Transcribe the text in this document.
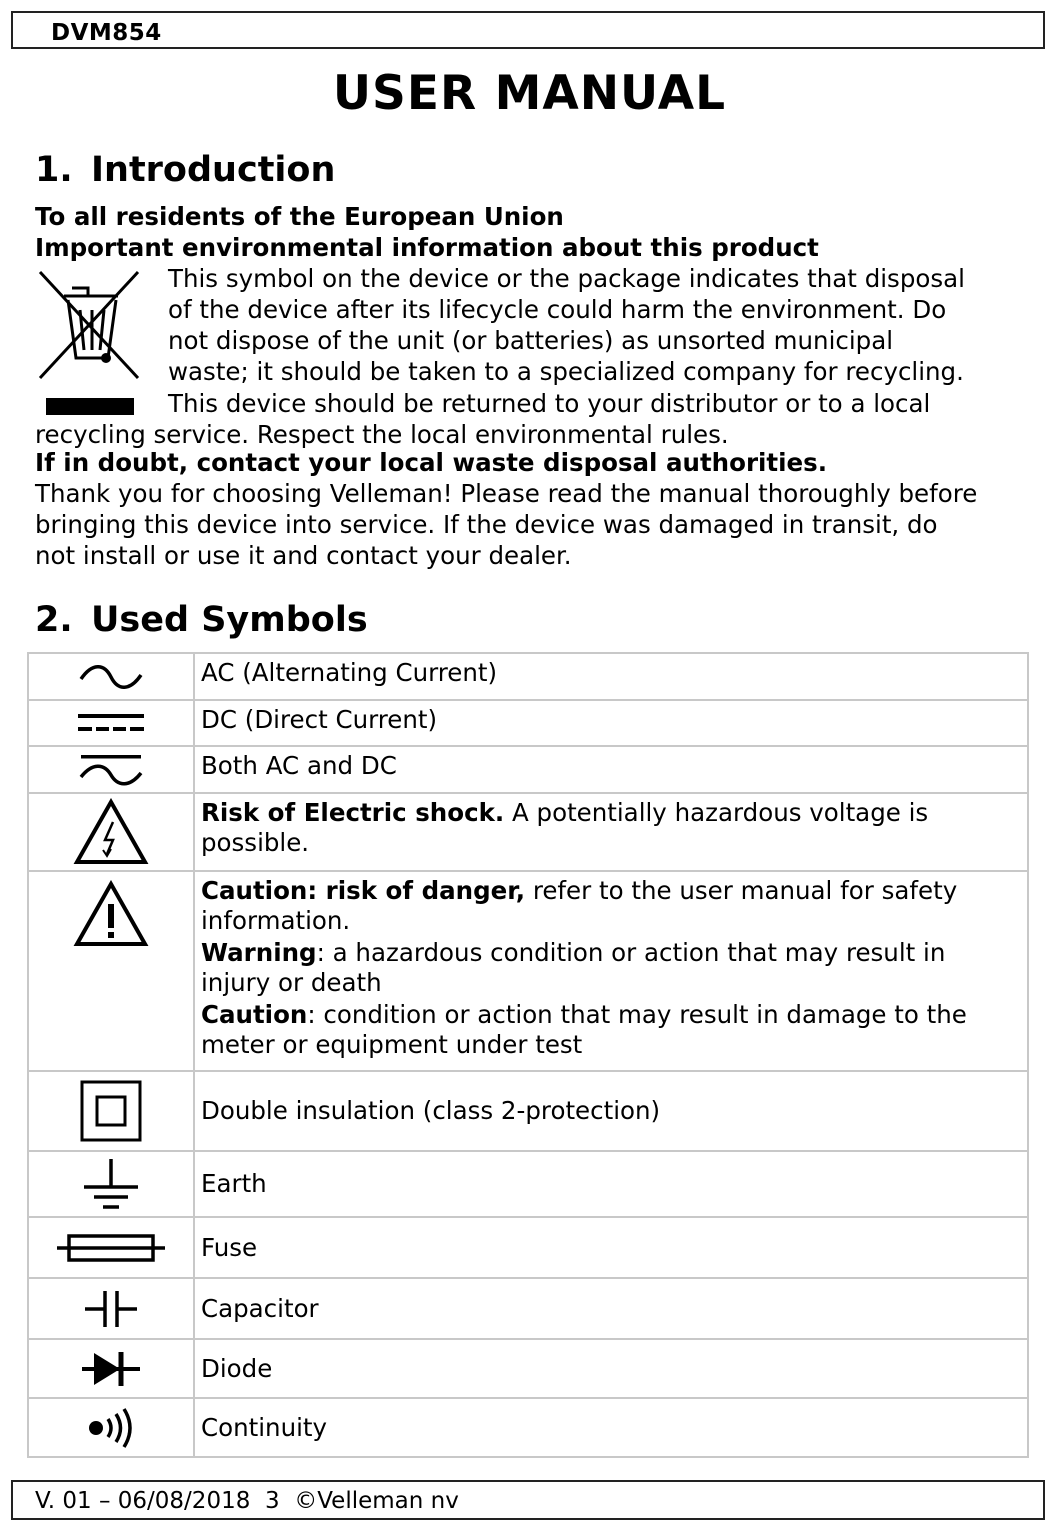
DVM854
USER MANUAL
1. Introduction
To all residents of the European Union
Important environmental information about this product
This symbol on the device or the package indicates that disposal
of the device after its lifecycle could harm the environment. Do
not dispose of the unit (or batteries) as unsorted municipal
waste; it should be taken to a specialized company for recycling.
This device should be returned to your distributor or to a local
recycling service. Respect the local environmental rules.
If in doubt, contact your local waste disposal authorities.
Thank you for choosing Velleman! Please read the manual thoroughly before
bringing this device into service. If the device was damaged in transit, do
not install or use it and contact your dealer.
2. Used Symbols
	AC (Alternating Current)

	DC (Direct Current)

	Both AC and DC

	Risk of Electric shock. A potentially hazardous voltage is possible.

Caution: risk of danger, refer to the user manual for safety information.
Warning: a hazardous condition or action that may result in injury or death
Caution: condition or action that may result in damage to the meter or equipment under test

	Double insulation (class 2-protection)

	Earth

	Fuse

	Capacitor

	Diode

	Continuity
V. 01 – 06/08/2018  3  ©Velleman nv
